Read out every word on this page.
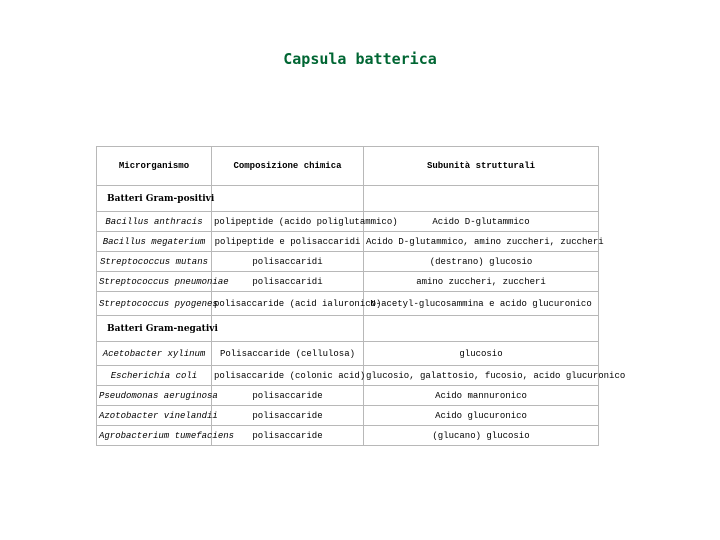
Capsula batterica
Microrganismo	Composizione chimica	Subunità strutturali
Batteri Gram-positivi		
Bacillus anthracis	polipeptide (acido poliglutammico)	Acido D-glutammico
Bacillus megaterium	polipeptide e polisaccaridi	Acido D-glutammico, amino zuccheri, zuccheri
Streptococcus mutans	polisaccaridi	(destrano) glucosio
Streptococcus pneumoniae	polisaccaridi	amino zuccheri, zuccheri
Streptococcus pyogenes	polisaccaride (acid ialuronico)	N-acetyl-glucosammina e acido glucuronico
Batteri Gram-negativi		
Acetobacter xylinum	Polisaccaride (cellulosa)	glucosio
Escherichia coli	polisaccaride (colonic acid)	glucosio, galattosio, fucosio, acido glucuronico
Pseudomonas aeruginosa	polisaccaride	Acido mannuronico
Azotobacter vinelandii	polisaccaride	Acido glucuronico
Agrobacterium tumefaciens	polisaccaride	(glucano) glucosio
